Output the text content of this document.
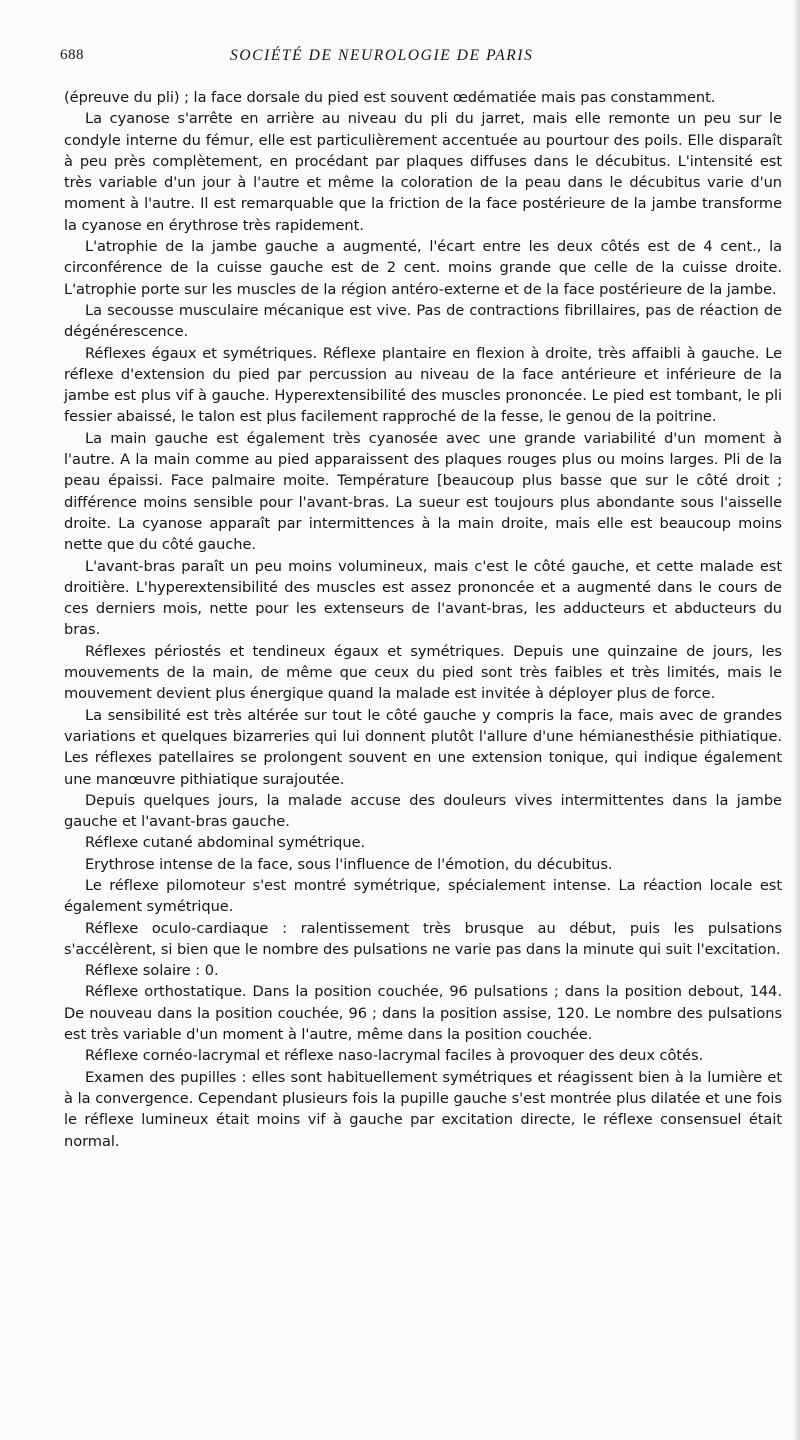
688	SOCIÉTÉ DE NEUROLOGIE DE PARIS

(épreuve du pli) ; la face dorsale du pied est souvent œdématiée mais pas constamment.

La cyanose s'arrête en arrière au niveau du pli du jarret, mais elle remonte un peu sur le condyle interne du fémur, elle est particulièrement accentuée au pourtour des poils. Elle disparaît à peu près complètement, en procédant par plaques diffuses dans le décubitus. L'intensité est très variable d'un jour à l'autre et même la coloration de la peau dans le décubitus varie d'un moment à l'autre. Il est remarquable que la friction de la face postérieure de la jambe transforme la cyanose en érythrose très rapidement.

L'atrophie de la jambe gauche a augmenté, l'écart entre les deux côtés est de 4 cent., la circonférence de la cuisse gauche est de 2 cent. moins grande que celle de la cuisse droite. L'atrophie porte sur les muscles de la région antéro-externe et de la face postérieure de la jambe.

La secousse musculaire mécanique est vive. Pas de contractions fibrillaires, pas de réaction de dégénérescence.

Réflexes égaux et symétriques. Réflexe plantaire en flexion à droite, très affaibli à gauche. Le réflexe d'extension du pied par percussion au niveau de la face antérieure et inférieure de la jambe est plus vif à gauche. Hyperextensibilité des muscles prononcée. Le pied est tombant, le pli fessier abaissé, le talon est plus facilement rapproché de la fesse, le genou de la poitrine.

La main gauche est également très cyanosée avec une grande variabilité d'un moment à l'autre. A la main comme au pied apparaissent des plaques rouges plus ou moins larges. Pli de la peau épaissi. Face palmaire moite. Température [beaucoup plus basse que sur le côté droit ; différence moins sensible pour l'avant-bras. La sueur est toujours plus abondante sous l'aisselle droite. La cyanose apparaît par intermittences à la main droite, mais elle est beaucoup moins nette que du côté gauche.

L'avant-bras paraît un peu moins volumineux, mais c'est le côté gauche, et cette malade est droitière. L'hyperextensibilité des muscles est assez prononcée et a augmenté dans le cours de ces derniers mois, nette pour les extenseurs de l'avant-bras, les adducteurs et abducteurs du bras.

Réflexes périostés et tendineux égaux et symétriques. Depuis une quinzaine de jours, les mouvements de la main, de même que ceux du pied sont très faibles et très limités, mais le mouvement devient plus énergique quand la malade est invitée à déployer plus de force.

La sensibilité est très altérée sur tout le côté gauche y compris la face, mais avec de grandes variations et quelques bizarreries qui lui donnent plutôt l'allure d'une hémianesthésie pithiatique. Les réflexes patellaires se prolongent souvent en une extension tonique, qui indique également une manœuvre pithiatique surajoutée.

Depuis quelques jours, la malade accuse des douleurs vives intermittentes dans la jambe gauche et l'avant-bras gauche.

Réflexe cutané abdominal symétrique.

Erythrose intense de la face, sous l'influence de l'émotion, du décubitus.

Le réflexe pilomoteur s'est montré symétrique, spécialement intense. La réaction locale est également symétrique.

Réflexe oculo-cardiaque : ralentissement très brusque au début, puis les pulsations s'accélèrent, si bien que le nombre des pulsations ne varie pas dans la minute qui suit l'excitation.

Réflexe solaire : 0.

Réflexe orthostatique. Dans la position couchée, 96 pulsations ; dans la position debout, 144. De nouveau dans la position couchée, 96 ; dans la position assise, 120. Le nombre des pulsations est très variable d'un moment à l'autre, même dans la position couchée.

Réflexe cornéo-lacrymal et réflexe naso-lacrymal faciles à provoquer des deux côtés.

Examen des pupilles : elles sont habituellement symétriques et réagissent bien à la lumière et à la convergence. Cependant plusieurs fois la pupille gauche s'est montrée plus dilatée et une fois le réflexe lumineux était moins vif à gauche par excitation directe, le réflexe consensuel était normal.
